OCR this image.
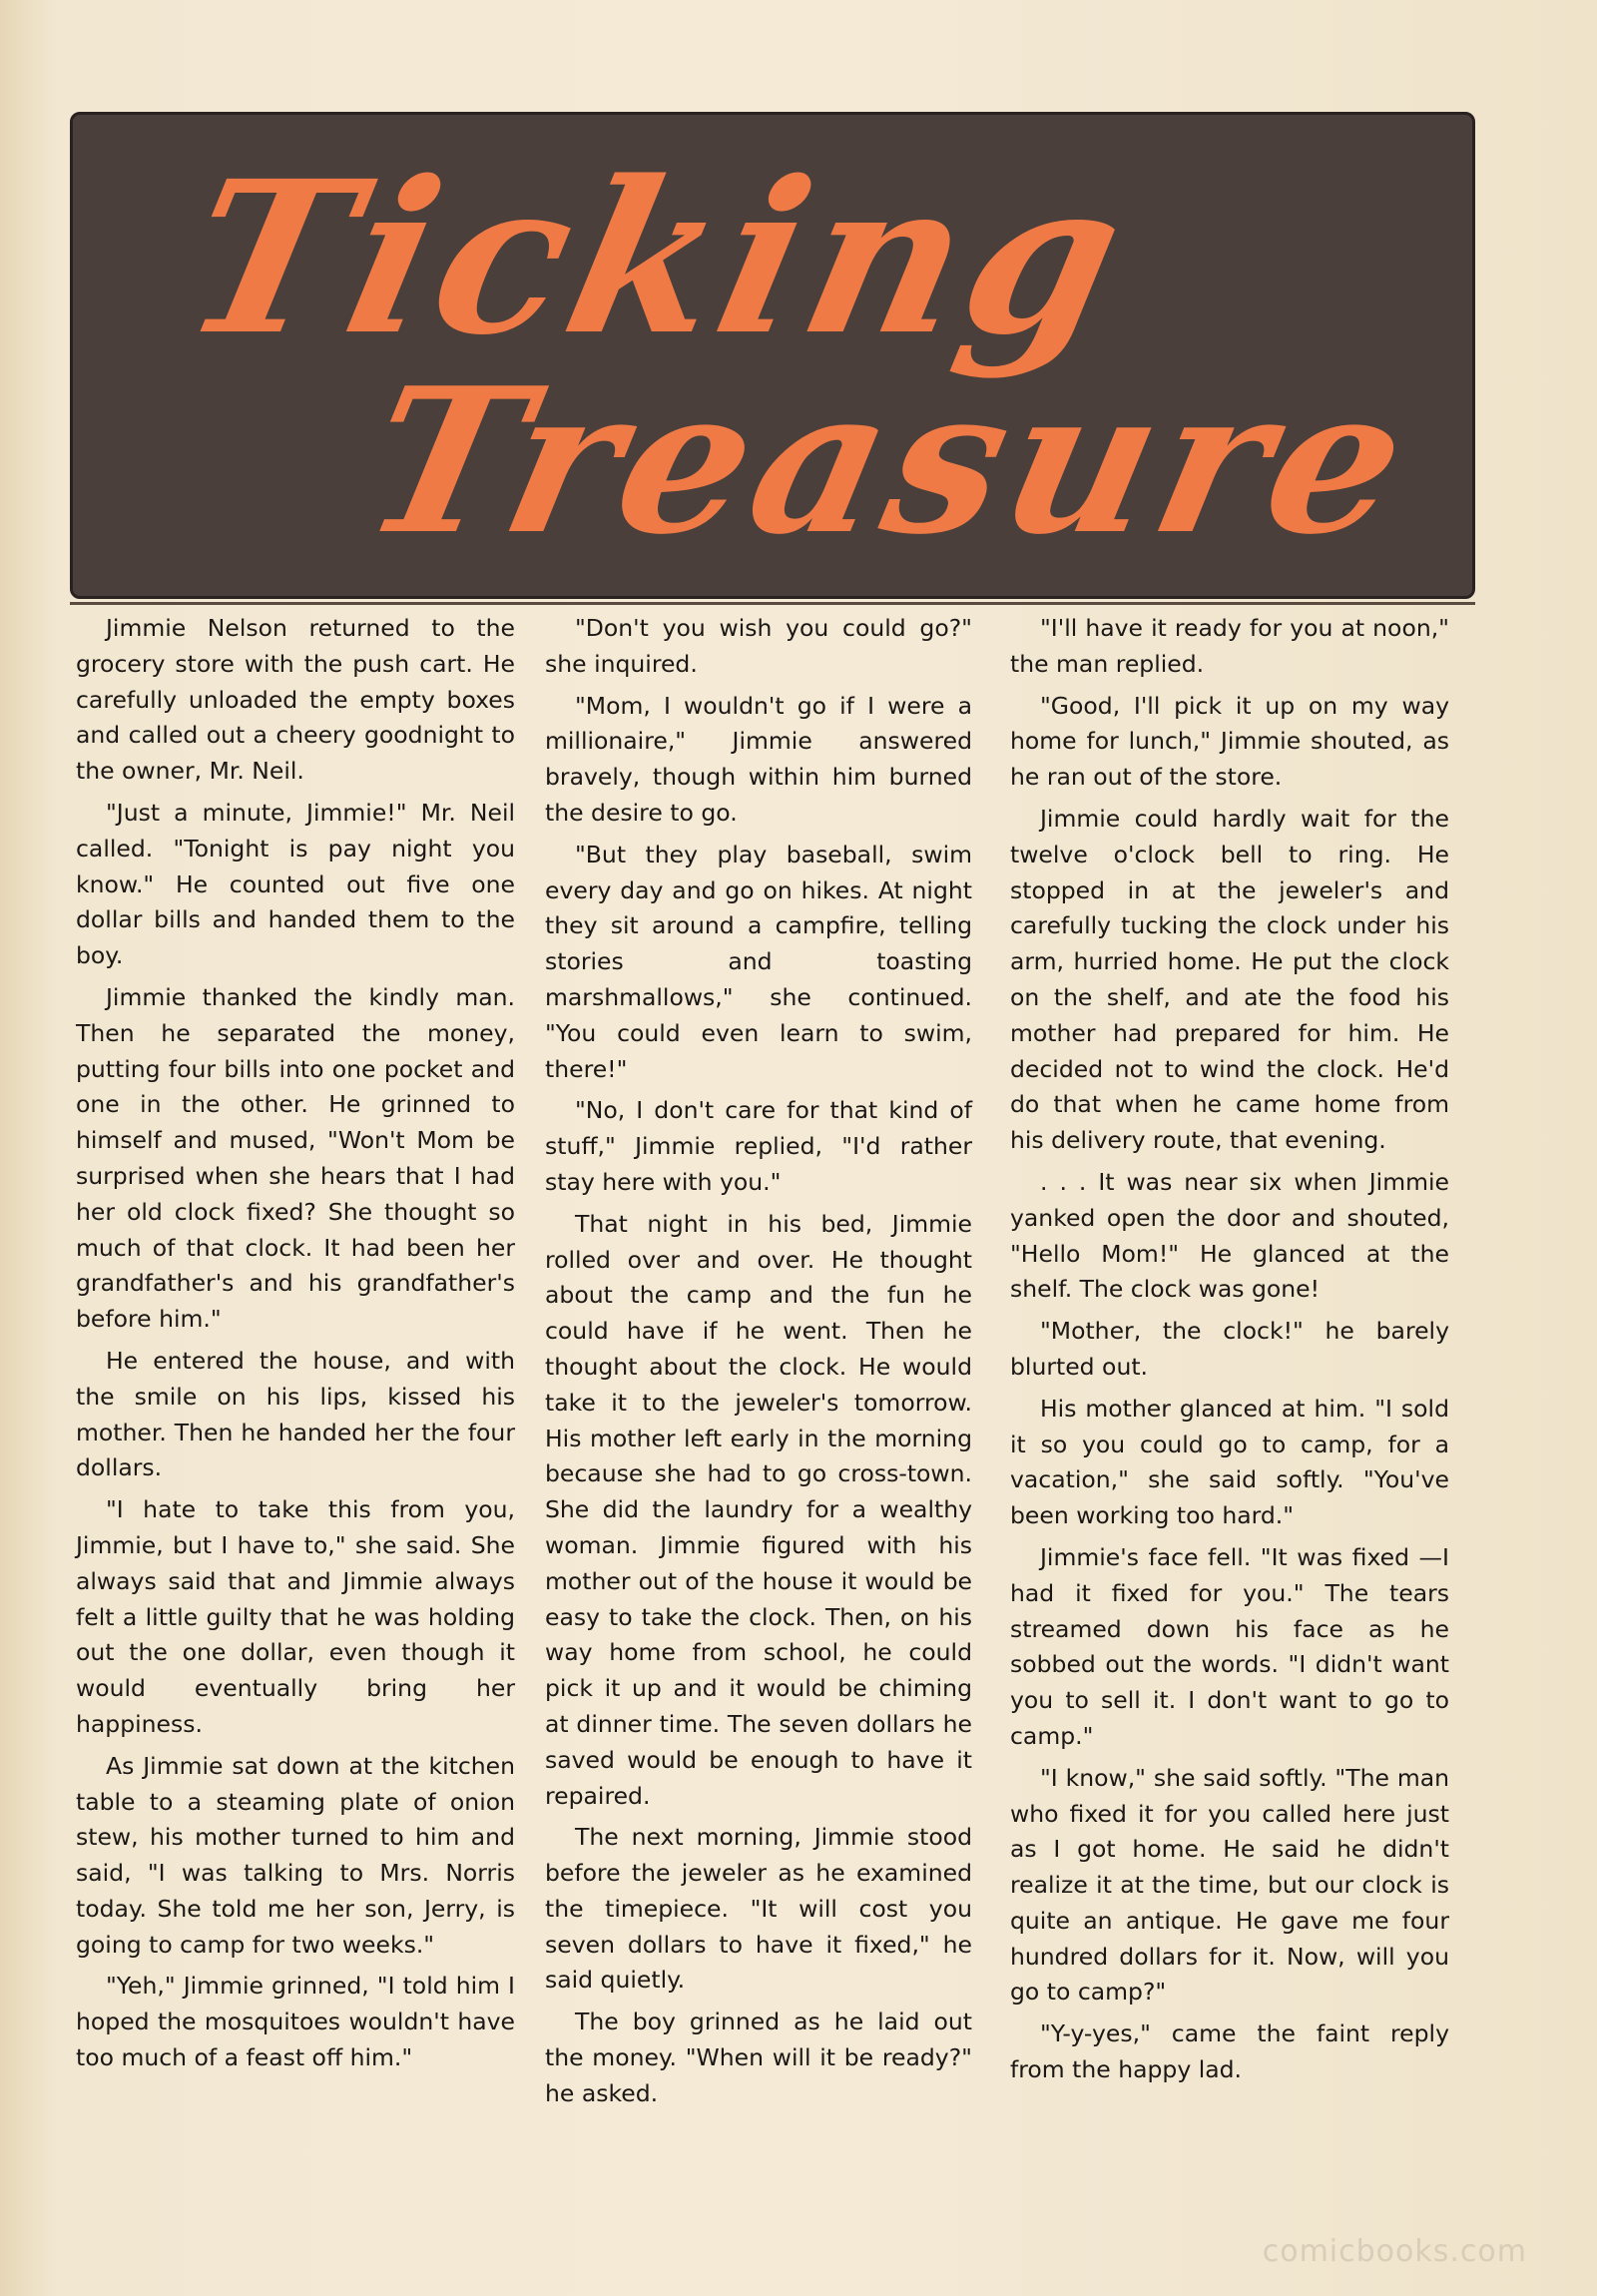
Ticking
Treasure

Jimmie Nelson returned to the grocery store with the push cart. He carefully unloaded the empty boxes and called out a cheery goodnight to the owner, Mr. Neil.

"Just a minute, Jimmie!" Mr. Neil called. "Tonight is pay night you know." He counted out five one dollar bills and handed them to the boy.

Jimmie thanked the kindly man. Then he separated the money, putting four bills into one pocket and one in the other. He grinned to himself and mused, "Won't Mom be surprised when she hears that I had her old clock fixed? She thought so much of that clock. It had been her grandfather's and his grandfather's before him."

He entered the house, and with the smile on his lips, kissed his mother. Then he handed her the four dollars.

"I hate to take this from you, Jimmie, but I have to," she said. She always said that and Jimmie always felt a little guilty that he was holding out the one dollar, even though it would eventually bring her happiness.

As Jimmie sat down at the kitchen table to a steaming plate of onion stew, his mother turned to him and said, "I was talking to Mrs. Norris today. She told me her son, Jerry, is going to camp for two weeks."

"Yeh," Jimmie grinned, "I told him I hoped the mosquitoes wouldn't have too much of a feast off him."

"Don't you wish you could go?" she inquired.

"Mom, I wouldn't go if I were a millionaire," Jimmie answered bravely, though within him burned the desire to go.

"But they play baseball, swim every day and go on hikes. At night they sit around a campfire, telling stories and toasting marshmallows," she continued. "You could even learn to swim, there!"

"No, I don't care for that kind of stuff," Jimmie replied, "I'd rather stay here with you."

That night in his bed, Jimmie rolled over and over. He thought about the camp and the fun he could have if he went. Then he thought about the clock. He would take it to the jeweler's tomorrow. His mother left early in the morning because she had to go cross-town. She did the laundry for a wealthy woman. Jimmie figured with his mother out of the house it would be easy to take the clock. Then, on his way home from school, he could pick it up and it would be chiming at dinner time. The seven dollars he saved would be enough to have it repaired.

The next morning, Jimmie stood before the jeweler as he examined the timepiece. "It will cost you seven dollars to have it fixed," he said quietly.

The boy grinned as he laid out the money. "When will it be ready?" he asked.

"I'll have it ready for you at noon," the man replied.

"Good, I'll pick it up on my way home for lunch," Jimmie shouted, as he ran out of the store.

Jimmie could hardly wait for the twelve o'clock bell to ring. He stopped in at the jeweler's and carefully tucking the clock under his arm, hurried home. He put the clock on the shelf, and ate the food his mother had prepared for him. He decided not to wind the clock. He'd do that when he came home from his delivery route, that evening.

. . . It was near six when Jimmie yanked open the door and shouted, "Hello Mom!" He glanced at the shelf. The clock was gone!

"Mother, the clock!" he barely blurted out.

His mother glanced at him. "I sold it so you could go to camp, for a vacation," she said softly. "You've been working too hard."

Jimmie's face fell. "It was fixed —I had it fixed for you." The tears streamed down his face as he sobbed out the words. "I didn't want you to sell it. I don't want to go to camp."

"I know," she said softly. "The man who fixed it for you called here just as I got home. He said he didn't realize it at the time, but our clock is quite an antique. He gave me four hundred dollars for it. Now, will you go to camp?"

"Y-y-yes," came the faint reply from the happy lad.

comicbooks.com
